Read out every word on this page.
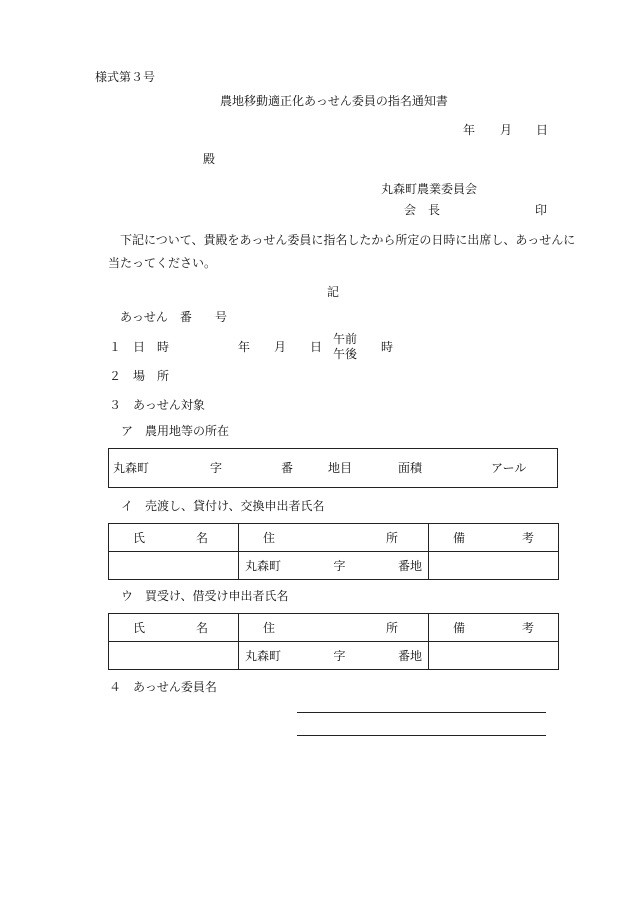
様式第３号
農地移動適正化あっせん委員の指名通知書
年 月 日
殿
丸森町農業委員会
会　長	印
下記について、貴殿をあっせん委員に指名したから所定の日時に出席し、あっせんに
当たってください。
記
あっせん　番 号
１ 日　時	年 月 日
午前
午後 時
２ 場　所
３ あっせん対象
ア　農用地等の所在
丸森町	字	番	地目	面積	アール
イ　売渡し、貸付け、交換申出者氏名
氏 名	住 所	備 考

	丸森町 字 番地	

ウ　買受け、借受け申出者氏名
氏 名	住 所	備 考

	丸森町 字 番地	

４ あっせん委員名
